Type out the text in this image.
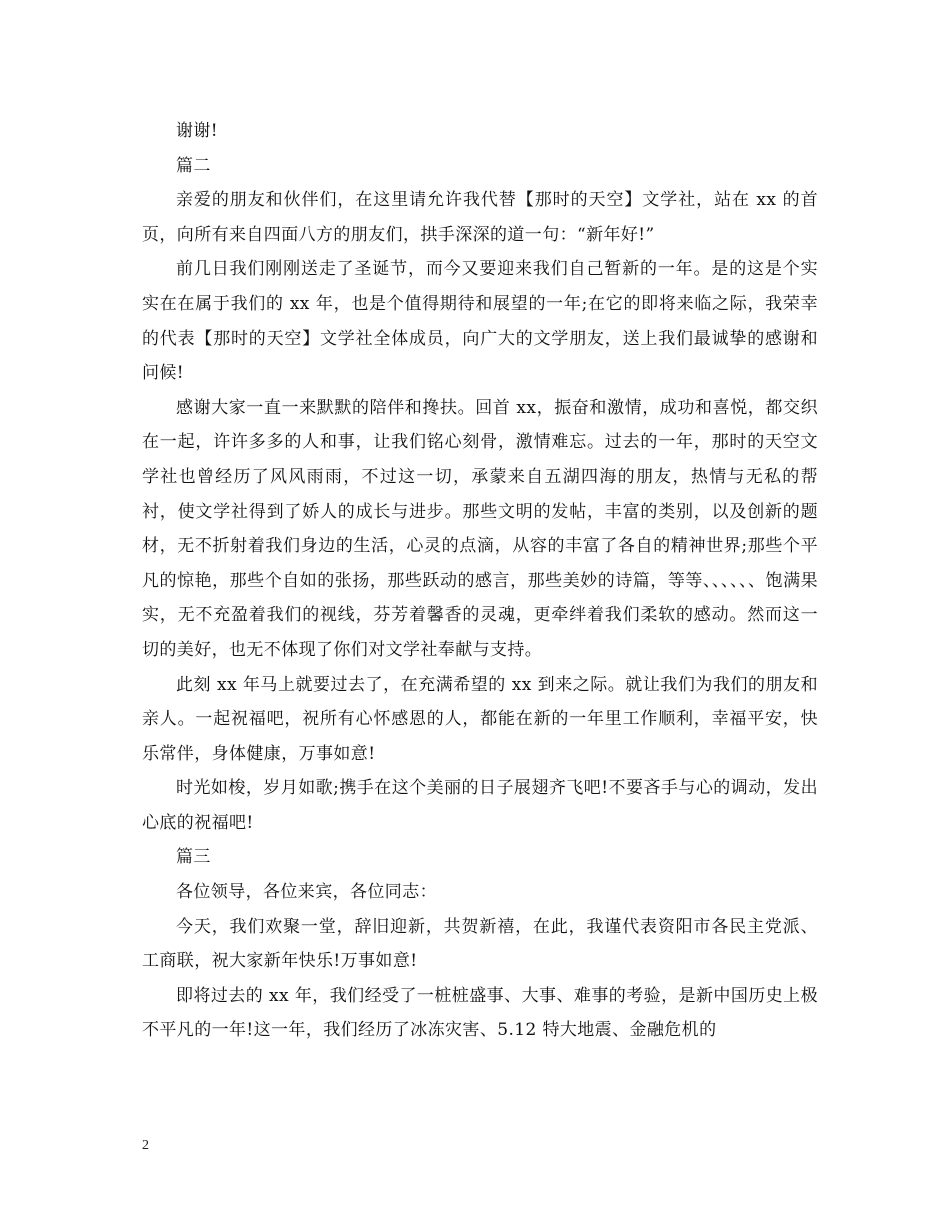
谢谢!

篇二

亲爱的朋友和伙伴们，在这里请允许我代替【那时的天空】文学社，站在 xx 的首页，向所有来自四面八方的朋友们，拱手深深的道一句：“新年好!”

前几日我们刚刚送走了圣诞节，而今又要迎来我们自己暂新的一年。是的这是个实实在在属于我们的 xx 年，也是个值得期待和展望的一年;在它的即将来临之际，我荣幸的代表【那时的天空】文学社全体成员，向广大的文学朋友，送上我们最诚挚的感谢和问候!

感谢大家一直一来默默的陪伴和搀扶。回首 xx，振奋和激情，成功和喜悦，都交织在一起，许许多多的人和事，让我们铭心刻骨，激情难忘。过去的一年，那时的天空文学社也曾经历了风风雨雨，不过这一切，承蒙来自五湖四海的朋友，热情与无私的帮衬，使文学社得到了娇人的成长与进步。那些文明的发帖，丰富的类别，以及创新的题材，无不折射着我们身边的生活，心灵的点滴，从容的丰富了各自的精神世界;那些个平凡的惊艳，那些个自如的张扬，那些跃动的感言，那些美妙的诗篇，等等、、、、、、饱满果实，无不充盈着我们的视线，芬芳着馨香的灵魂，更牵绊着我们柔软的感动。然而这一切的美好，也无不体现了你们对文学社奉献与支持。

此刻 xx 年马上就要过去了，在充满希望的 xx 到来之际。就让我们为我们的朋友和亲人。一起祝福吧，祝所有心怀感恩的人，都能在新的一年里工作顺利，幸福平安，快乐常伴，身体健康，万事如意!

时光如梭，岁月如歌;携手在这个美丽的日子展翅齐飞吧!不要吝手与心的调动，发出心底的祝福吧!

篇三

各位领导，各位来宾，各位同志：

今天，我们欢聚一堂，辞旧迎新，共贺新禧，在此，我谨代表资阳市各民主党派、工商联，祝大家新年快乐!万事如意!

即将过去的 xx 年，我们经受了一桩桩盛事、大事、难事的考验，是新中国历史上极不平凡的一年!这一年，我们经历了冰冻灾害、5.12 特大地震、金融危机的

2
